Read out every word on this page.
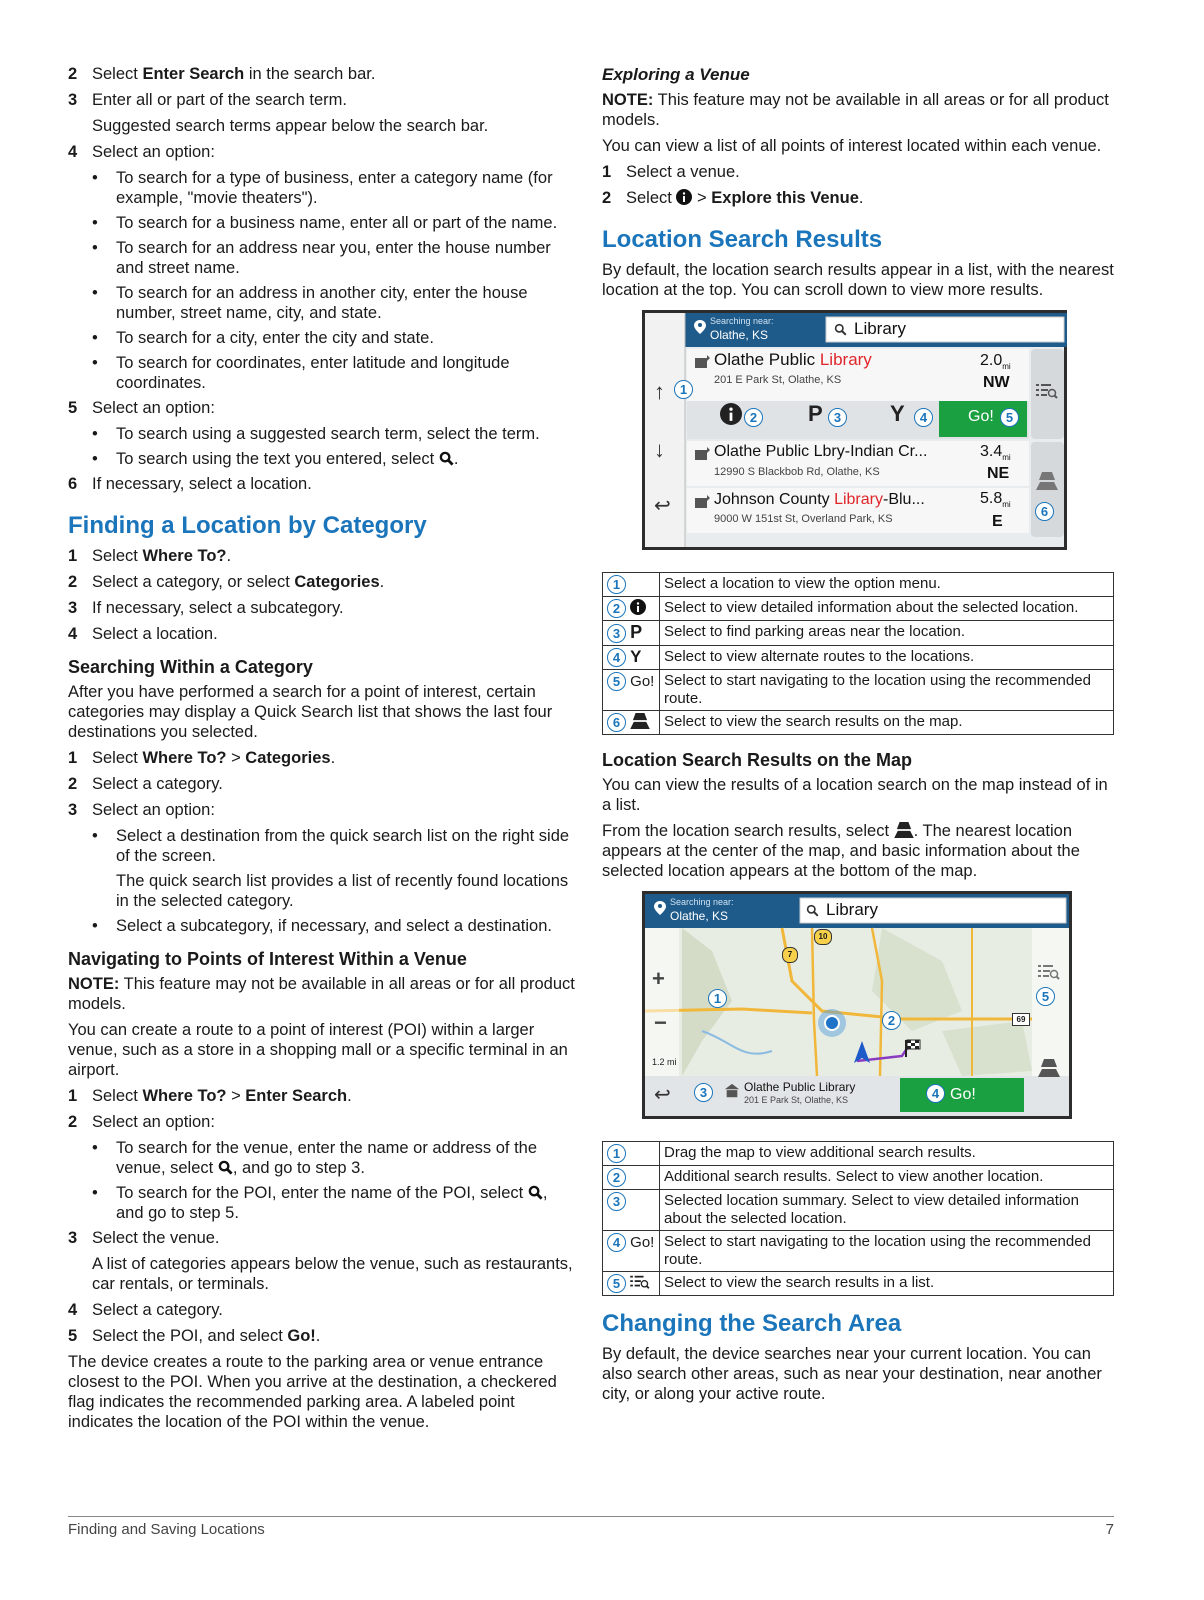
2 Select Enter Search in the search bar.
3 Enter all or part of the search term.
Suggested search terms appear below the search bar.
4 Select an option:
• To search for a type of business, enter a category name (for example, "movie theaters").
• To search for a business name, enter all or part of the name.
• To search for an address near you, enter the house number and street name.
• To search for an address in another city, enter the house number, street name, city, and state.
• To search for a city, enter the city and state.
• To search for coordinates, enter latitude and longitude coordinates.
5 Select an option:
• To search using a suggested search term, select the term.
• To search using the text you entered, select .
6 If necessary, select a location.
Finding a Location by Category
1 Select Where To?.
2 Select a category, or select Categories.
3 If necessary, select a subcategory.
4 Select a location.
Searching Within a Category

After you have performed a search for a point of interest, certain categories may display a Quick Search list that shows the last four destinations you selected.

1 Select Where To? > Categories.
2 Select a category.
3 Select an option:
• Select a destination from the quick search list on the right side of the screen.
The quick search list provides a list of recently found locations in the selected category.
• Select a subcategory, if necessary, and select a destination.
Navigating to Points of Interest Within a Venue

NOTE: This feature may not be available in all areas or for all product models.

You can create a route to a point of interest (POI) within a larger venue, such as a store in a shopping mall or a specific terminal in an airport.

1 Select Where To? > Enter Search.
2 Select an option:
• To search for the venue, enter the name or address of the venue, select , and go to step 3.
• To search for the POI, enter the name of the POI, select , and go to step 5.
3 Select the venue.
A list of categories appears below the venue, such as restaurants, car rentals, or terminals.
4 Select a category.
5 Select the POI, and select Go!.

The device creates a route to the parking area or venue entrance closest to the POI. When you arrive at the destination, a checkered flag indicates the recommended parking area. A labeled point indicates the location of the POI within the venue.

Exploring a Venue

NOTE: This feature may not be available in all areas or for all product models.

You can view a list of all points of interest located within each venue.

1 Select a venue.
2 Select  > Explore this Venue.
Location Search Results

By default, the location search results appear in a list, with the nearest location at the top. You can scroll down to view more results.

Searching near:
Olathe, KS	Library
Olathe Public Library
201 E Park St, Olathe, KS
$2.0_{mi}$
NW
P	Y	Go!
Olathe Public Lbry-Indian Cr...
12990 S Blackbob Rd, Olathe, KS
$3.4_{mi}$
NE
Johnson County Library-Blu...
9000 W 151st St, Overland Park, KS
$5.8_{mi}$
E
↑
↓
↩
1
2	3	4	5
6
1	Select a location to view the option menu.
2	Select to view detailed information about the selected location.
3 P	Select to find parking areas near the location.
4 Y	Select to view alternate routes to the locations.
5 Go!	Select to start navigating to the location using the recommended route.
6	Select to view the search results on the map.
Location Search Results on the Map

You can view the results of a location search on the map instead of in a list.

From the location search results, select . The nearest location appears at the center of the map, and basic information about the selected location appears at the bottom of the map.

Searching near:
Olathe, KS	Library
10
7
69
1.2 mi
+
−
↩	Olathe Public Library
201 E Park St, Olathe, KS	Go!
1
2
3	4
5
1	Drag the map to view additional search results.
2	Additional search results. Select to view another location.
3	Selected location summary. Select to view detailed information about the selected location.
4 Go!	Select to start navigating to the location using the recommended route.
5	Select to view the search results in a list.
Changing the Search Area

By default, the device searches near your current location. You can also search other areas, such as near your destination, near another city, or along your active route.

Finding and Saving Locations	7
